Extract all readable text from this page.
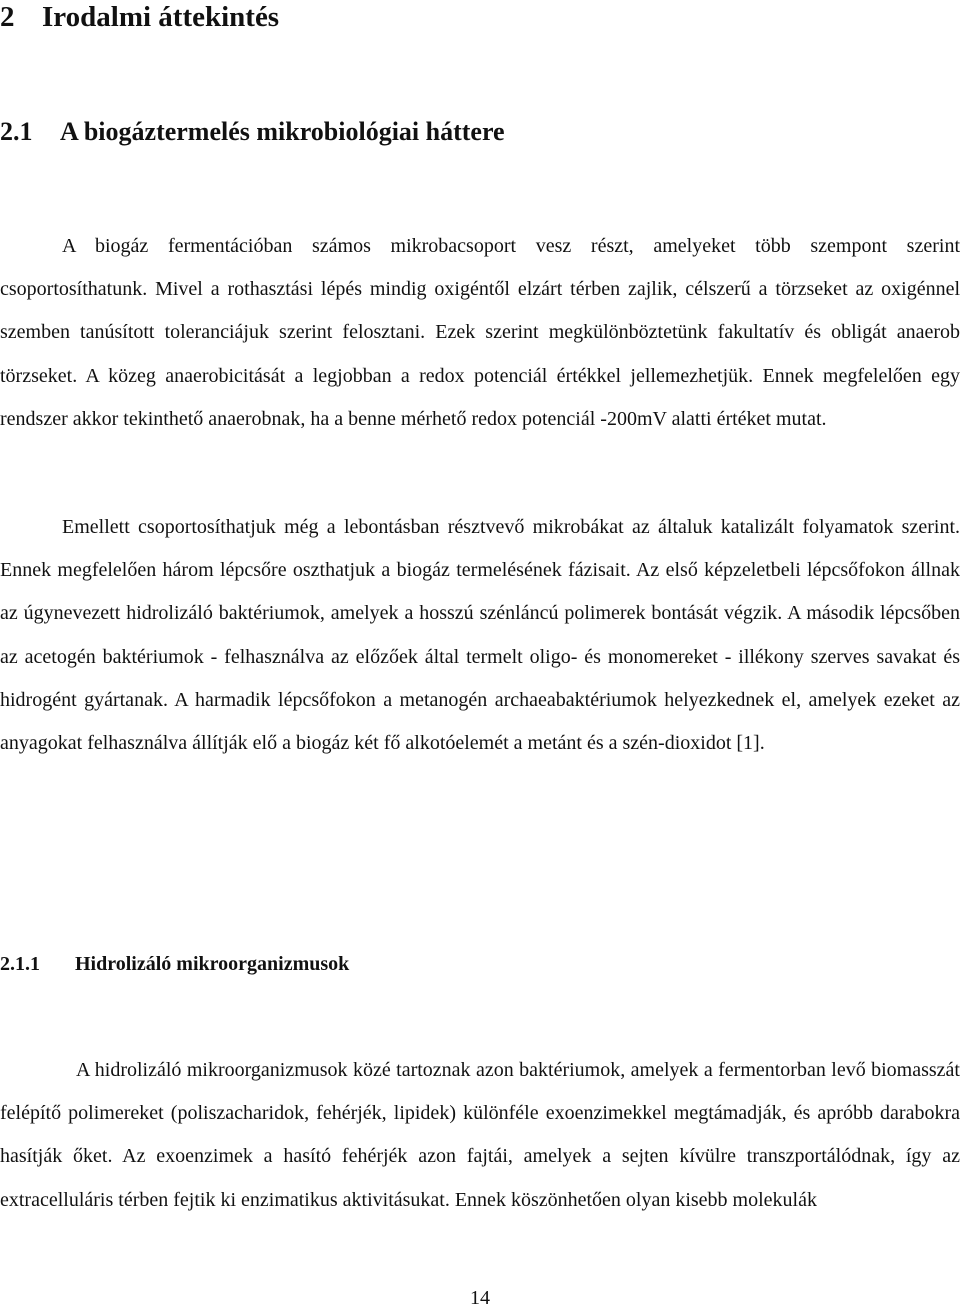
2 Irodalmi áttekintés
2.1 A biogáztermelés mikrobiológiai háttere

A biogáz fermentációban számos mikrobacsoport vesz részt, amelyeket több szempont szerint csoportosíthatunk. Mivel a rothasztási lépés mindig oxigéntől elzárt térben zajlik, célszerű a törzseket az oxigénnel szemben tanúsított toleranciájuk szerint felosztani. Ezek szerint megkülönböztetünk fakultatív és obligát anaerob törzseket. A közeg anaerobicitását a legjobban a redox potenciál értékkel jellemezhetjük. Ennek megfelelően egy rendszer akkor tekinthető anaerobnak, ha a benne mérhető redox potenciál -200mV alatti értéket mutat.

Emellett csoportosíthatjuk még a lebontásban résztvevő mikrobákat az általuk katalizált folyamatok szerint. Ennek megfelelően három lépcsőre oszthatjuk a biogáz termelésének fázisait. Az első képzeletbeli lépcsőfokon állnak az úgynevezett hidrolizáló baktériumok, amelyek a hosszú szénláncú polimerek bontását végzik. A második lépcsőben az acetogén baktériumok - felhasználva az előzőek által termelt oligo- és monomereket - illékony szerves savakat és hidrogént gyártanak. A harmadik lépcsőfokon a metanogén archaeabaktériumok helyezkednek el, amelyek ezeket az anyagokat felhasználva állítják elő a biogáz két fő alkotóelemét a metánt és a szén-dioxidot [1].

2.1.1 Hidrolizáló mikroorganizmusok

A hidrolizáló mikroorganizmusok közé tartoznak azon baktériumok, amelyek a fermentorban levő biomasszát felépítő polimereket (poliszacharidok, fehérjék, lipidek) különféle exoenzimekkel megtámadják, és apróbb darabokra hasítják őket. Az exoenzimek a hasító fehérjék azon fajtái, amelyek a sejten kívülre transzportálódnak, így az extracelluláris térben fejtik ki enzimatikus aktivitásukat. Ennek köszönhetően olyan kisebb molekulák

14
